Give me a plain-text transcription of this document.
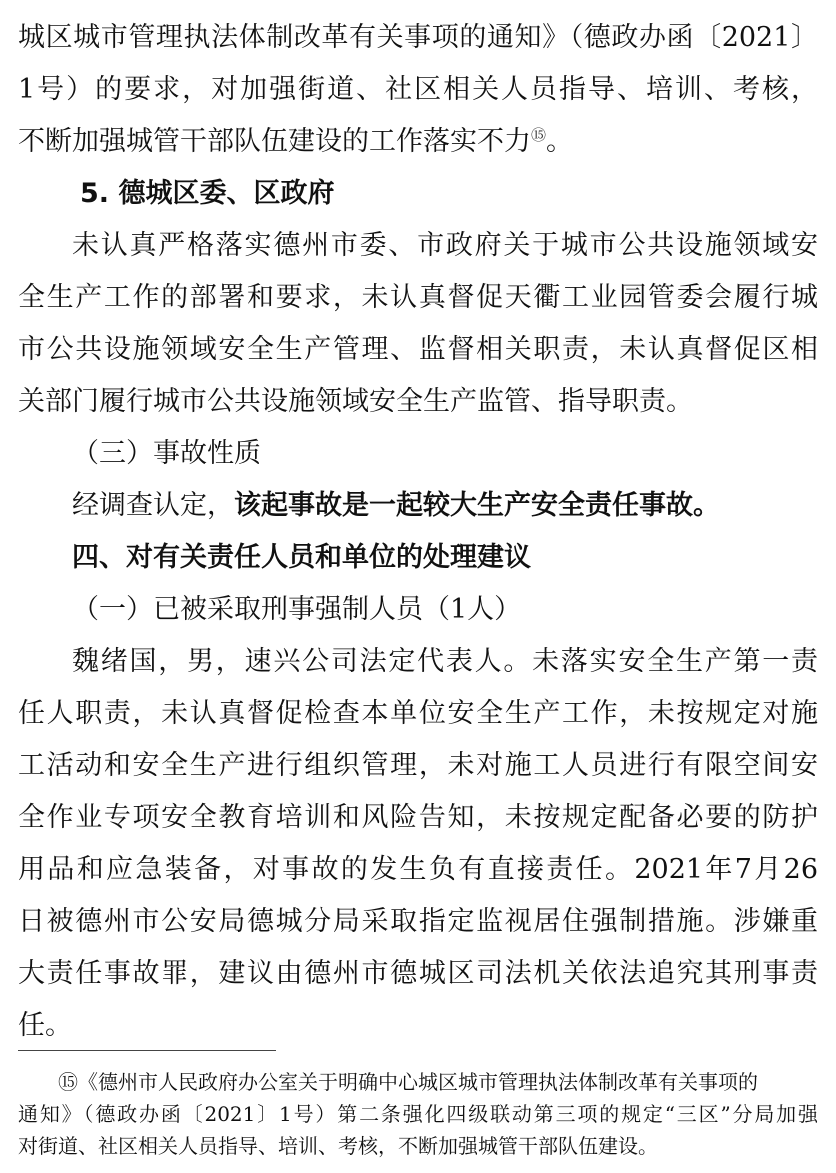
城区城市管理执法体制改革有关事项的通知》（德政办函〔2021〕
1号）的要求，对加强街道、社区相关人员指导、培训、考核，
不断加强城管干部队伍建设的工作落实不力⑮。
5. 德城区委、区政府
未认真严格落实德州市委、市政府关于城市公共设施领域安
全生产工作的部署和要求，未认真督促天衢工业园管委会履行城
市公共设施领域安全生产管理、监督相关职责，未认真督促区相
关部门履行城市公共设施领域安全生产监管、指导职责。
（三）事故性质
经调查认定，该起事故是一起较大生产安全责任事故。
四、对有关责任人员和单位的处理建议
（一）已被采取刑事强制人员（1人）
魏绪国，男，速兴公司法定代表人。未落实安全生产第一责
任人职责，未认真督促检查本单位安全生产工作，未按规定对施
工活动和安全生产进行组织管理，未对施工人员进行有限空间安
全作业专项安全教育培训和风险告知，未按规定配备必要的防护
用品和应急装备，对事故的发生负有直接责任。2021年7月26
日被德州市公安局德城分局采取指定监视居住强制措施。涉嫌重
大责任事故罪，建议由德州市德城区司法机关依法追究其刑事责
任。
⑮《德州市人民政府办公室关于明确中心城区城市管理执法体制改革有关事项的
通知》（德政办函〔2021〕1号）第二条强化四级联动第三项的规定“三区”分局加强
对街道、社区相关人员指导、培训、考核，不断加强城管干部队伍建设。
